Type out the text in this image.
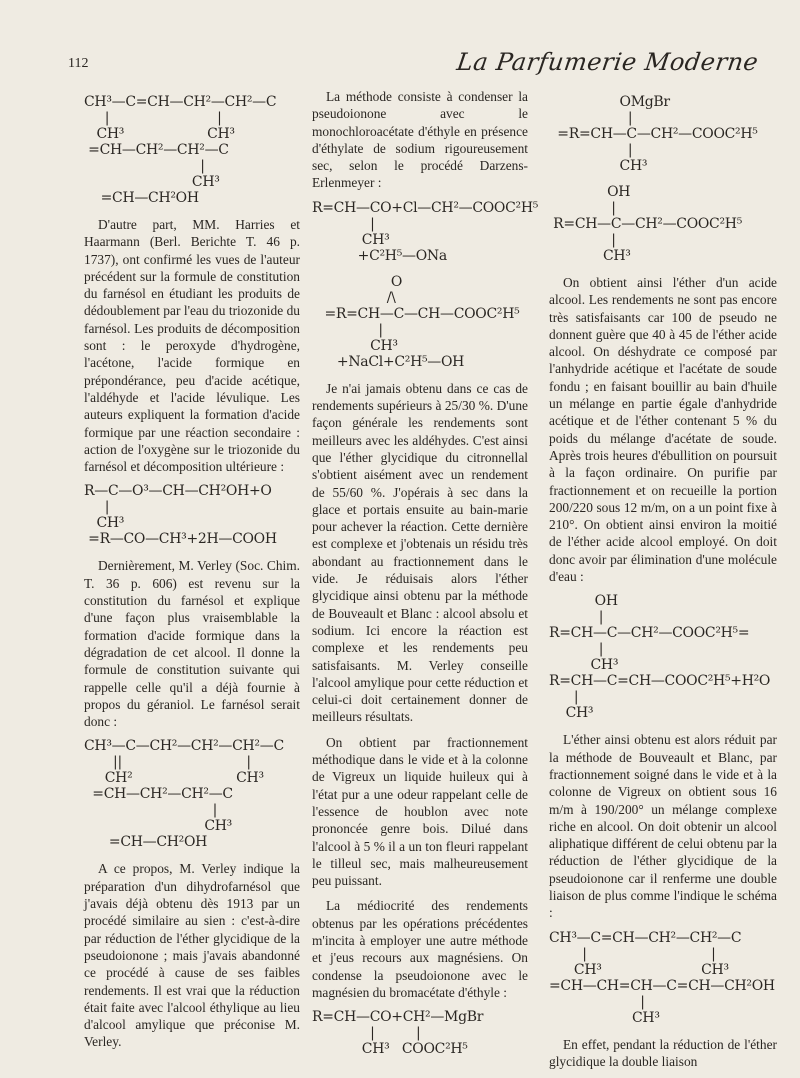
112	La Parfumerie Moderne
CH³—C=CH—CH²—CH²—C
|                          |
CH³                    CH³
=CH—CH²—CH²—C
|
CH³
=CH—CH²OH

D'autre part, MM. Harries et Haarmann (Berl. Berichte T. 46 p. 1737), ont confirmé les vues de l'auteur précédent sur la formule de constitution du farnésol en étudiant les produits de dédoublement par l'eau du triozonide du farnésol. Les produits de décomposition sont : le peroxyde d'hydrogène, l'acétone, l'acide formique en prépondérance, peu d'acide acétique, l'aldéhyde et l'acide lévulique. Les auteurs expliquent la formation d'acide formique par une réaction secondaire : action de l'oxygène sur le triozonide du farnésol et décomposition ultérieure :

R—C—O³—CH—CH²OH+O
|
CH³
=R—CO—CH³+2H—COOH

Dernièrement, M. Verley (Soc. Chim. T. 36 p. 606) est revenu sur la constitution du farnésol et explique d'une façon plus vraisemblable la formation d'acide formique dans la dégradation de cet alcool. Il donne la formule de constitution suivante qui rappelle celle qu'il a déjà fournie à propos du géraniol. Le farnésol serait donc :

CH³—C—CH²—CH²—CH²—C
||                              |
CH²                         CH³
=CH—CH²—CH²—C
|
CH³
=CH—CH²OH

A ce propos, M. Verley indique la préparation d'un dihydrofarnésol que j'avais déjà obtenu dès 1913 par un procédé similaire au sien : c'est-à-dire par réduction de l'éther glycidique de la pseudoionone ; mais j'avais abandonné ce procédé à cause de ses faibles rendements. Il est vrai que la réduction était faite avec l'alcool éthylique au lieu d'alcool amylique que préconise M. Verley.

La méthode consiste à condenser la pseudoionone avec le monochloroacétate d'éthyle en présence d'éthylate de sodium rigoureusement sec, selon le procédé Darzens-Erlenmeyer :

R=CH—CO+Cl—CH²—COOC²H⁵
|
CH³
+C²H⁵—ONa
O
/\
=R=CH—C—CH—COOC²H⁵
|
CH³
+NaCl+C²H⁵—OH

Je n'ai jamais obtenu dans ce cas de rendements supérieurs à 25/30 %. D'une façon générale les rendements sont meilleurs avec les aldéhydes. C'est ainsi que l'éther glycidique du citronnellal s'obtient aisément avec un rendement de 55/60 %. J'opérais à sec dans la glace et portais ensuite au bain-marie pour achever la réaction. Cette dernière est complexe et j'obtenais un résidu très abondant au fractionnement dans le vide. Je réduisais alors l'éther glycidique ainsi obtenu par la méthode de Bouveault et Blanc : alcool absolu et sodium. Ici encore la réaction est complexe et les rendements peu satisfaisants. M. Verley conseille l'alcool amylique pour cette réduction et celui-ci doit certainement donner de meilleurs résultats.

On obtient par fractionnement méthodique dans le vide et à la colonne de Vigreux un liquide huileux qui à l'état pur a une odeur rappelant celle de l'essence de houblon avec note prononcée genre bois. Dilué dans l'alcool à 5 % il a un ton fleuri rappelant le tilleul sec, mais malheureusement peu puissant.

La médiocrité des rendements obtenus par les opérations précédentes m'incita à employer une autre méthode et j'eus recours aux magnésiens. On condense la pseudoionone avec le magnésien du bromacétate d'éthyle :

R=CH—CO+CH²—MgBr
|          |
CH³   COOC²H⁵
OMgBr
|
=R=CH—C—CH²—COOC²H⁵
|
CH³
OH
|
R=CH—C—CH²—COOC²H⁵
|
CH³

On obtient ainsi l'éther d'un acide alcool. Les rendements ne sont pas encore très satisfaisants car 100 de pseudo ne donnent guère que 40 à 45 de l'éther acide alcool. On déshydrate ce composé par l'anhydride acétique et l'acétate de soude fondu ; en faisant bouillir au bain d'huile un mélange en partie égale d'anhydride acétique et de l'éther contenant 5 % du poids du mélange d'acétate de soude. Après trois heures d'ébullition on poursuit à la façon ordinaire. On purifie par fractionnement et on recueille la portion 200/220 sous 12 m/m, on a un point fixe à 210°. On obtient ainsi environ la moitié de l'éther acide alcool employé. On doit donc avoir par élimination d'une molécule d'eau :

OH
|
R=CH—C—CH²—COOC²H⁵=
|
CH³
R=CH—C=CH—COOC²H⁵+H²O
|
CH³

L'éther ainsi obtenu est alors réduit par la méthode de Bouveault et Blanc, par fractionnement soigné dans le vide et à la colonne de Vigreux on obtient sous 16 m/m à 190/200° un mélange complexe riche en alcool. On doit obtenir un alcool aliphatique différent de celui obtenu par la réduction de l'éther glycidique de la pseudoionone car il renferme une double liaison de plus comme l'indique le schéma :

CH³—C=CH—CH²—CH²—C
|                              |
CH³                        CH³
=CH—CH=CH—C=CH—CH²OH
|
CH³

En effet, pendant la réduction de l'éther glycidique la double liaison
